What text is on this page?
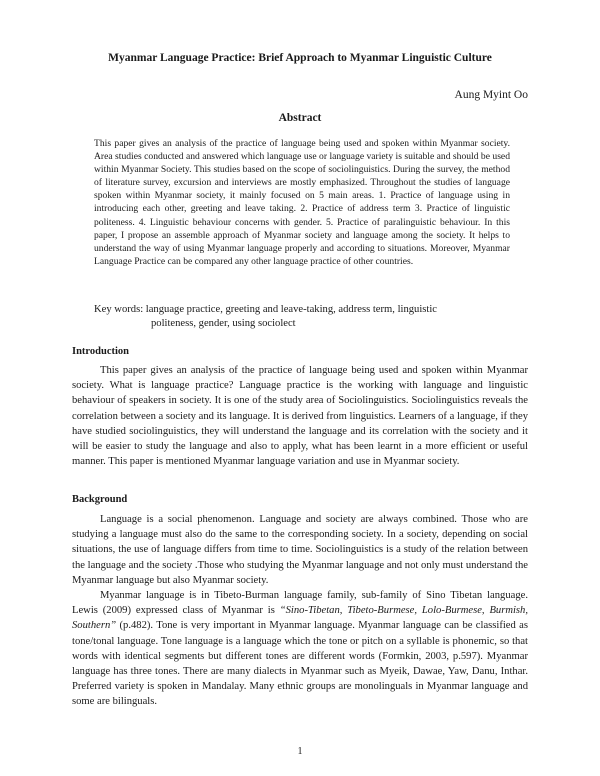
Myanmar Language Practice: Brief Approach to Myanmar Linguistic Culture
Aung Myint Oo
Abstract

This paper gives an analysis of the practice of language being used and spoken within Myanmar society. Area studies conducted and answered which language use or language variety is suitable and should be used within Myanmar Society. This studies based on the scope of sociolinguistics. During the survey, the method of literature survey, excursion and interviews are mostly emphasized. Throughout the studies of language spoken within Myanmar society, it mainly focused on 5 main areas. 1. Practice of language using in introducing each other, greeting and leave taking. 2. Practice of address term 3. Practice of linguistic politeness. 4. Linguistic behaviour concerns with gender. 5. Practice of paralinguistic behaviour. In this paper, I propose an assemble approach of Myanmar society and language among the society. It helps to understand the way of using Myanmar language properly and according to situations. Moreover, Myanmar Language Practice can be compared any other language practice of other countries.

Key words: language practice, greeting and leave-taking, address term, linguistic
politeness, gender, using sociolect
Introduction

This paper gives an analysis of the practice of language being used and spoken within Myanmar society. What is language practice? Language practice is the working with language and linguistic behaviour of speakers in society. It is one of the study area of Sociolinguistics. Sociolinguistics reveals the correlation between a society and its language. It is derived from linguistics. Learners of a language, if they have studied sociolinguistics, they will understand the language and its correlation with the society and it will be easier to study the language and also to apply, what has been learnt in a more efficient or useful manner. This paper is mentioned Myanmar language variation and use in Myanmar society.

Background

Language is a social phenomenon. Language and society are always combined. Those who are studying a language must also do the same to the corresponding society. In a society, depending on social situations, the use of language differs from time to time. Sociolinguistics is a study of the relation between the language and the society .Those who studying the Myanmar language and not only must understand the Myanmar language but also Myanmar society.

Myanmar language is in Tibeto-Burman language family, sub-family of Sino Tibetan language. Lewis (2009) expressed class of Myanmar is “Sino-Tibetan, Tibeto-Burmese, Lolo-Burmese, Burmish, Southern” (p.482). Tone is very important in Myanmar language. Myanmar language can be classified as tone/tonal language. Tone language is a language which the tone or pitch on a syllable is phonemic, so that words with identical segments but different tones are different words (Formkin, 2003, p.597). Myanmar language has three tones. There are many dialects in Myanmar such as Myeik, Dawae, Yaw, Danu, Inthar. Preferred variety is spoken in Mandalay. Many ethnic groups are monolinguals in Myanmar language and some are bilinguals.

1
